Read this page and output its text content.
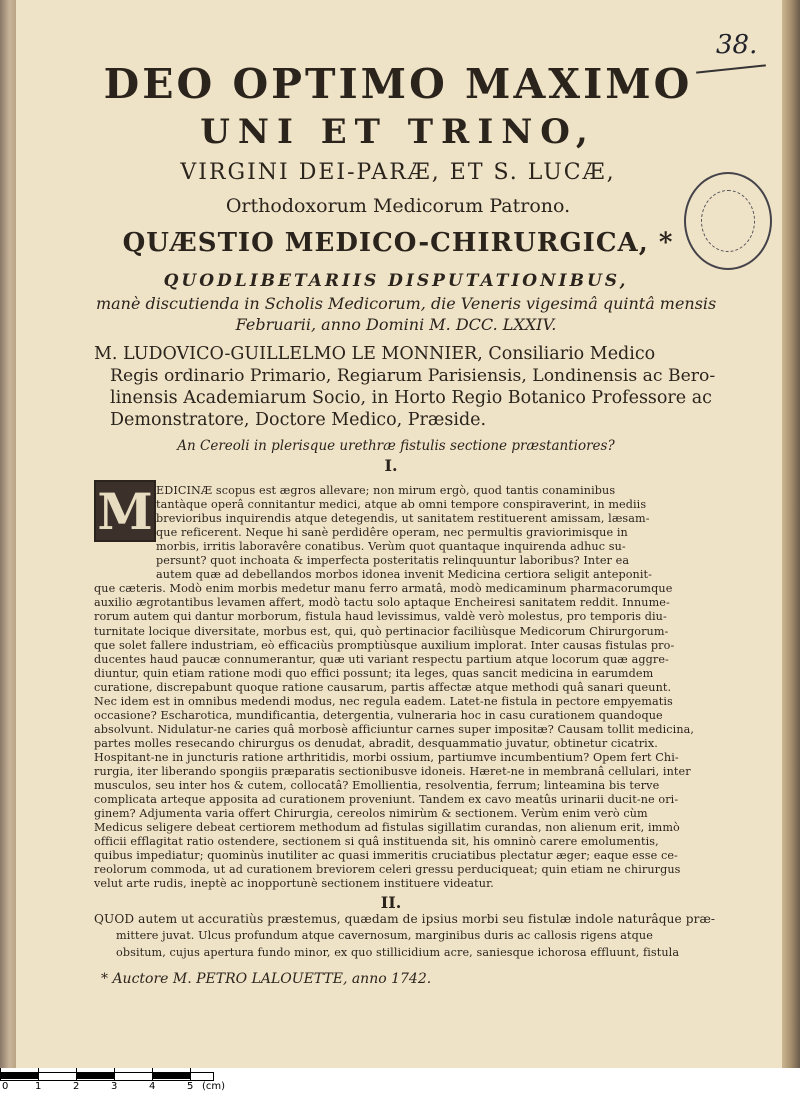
38.
DEO OPTIMO MAXIMO
UNI ET TRINO,
VIRGINI DEI-PARÆ, ET S. LUCÆ,
Orthodoxorum Medicorum Patrono.
QUÆSTIO MEDICO-CHIRURGICA, *
QUODLIBETARIIS DISPUTATIONIBUS,
manè discutienda in Scholis Medicorum, die Veneris vigesimâ quintâ mensis
Februarii, anno Domini M. DCC. LXXIV.
M. LUDOVICO-GUILLELMO LE MONNIER, Consiliario Medico
Regis ordinario Primario, Regiarum Parisiensis, Londinensis ac Bero-
linensis Academiarum Socio, in Horto Regio Botanico Professore ac
Demonstratore, Doctore Medico, Præside.
An Cereoli in plerisque urethræ fistulis sectione præstantiores?
I.
M EDICINÆ scopus est ægros allevare; non mirum ergò, quod tantis conaminibus
tantàque operâ connitantur medici, atque ab omni tempore conspiraverint, in mediis
brevioribus inquirendis atque detegendis, ut sanitatem restituerent amissam, læsam-
que reficerent. Neque hi sanè perdidêre operam, nec permultis graviorimisque in
morbis, irritis laboravêre conatibus. Verùm quot quantaque inquirenda adhuc su-
persunt? quot inchoata & imperfecta posteritatis relinquuntur laboribus? Inter ea
autem quæ ad debellandos morbos idonea invenit Medicina certiora seligit anteponit-
que cæteris. Modò enim morbis medetur manu ferro armatâ, modò medicaminum pharmacorumque
auxilio ægrotantibus levamen affert, modò tactu solo aptaque Encheiresi sanitatem reddit. Innume-
rorum autem qui dantur morborum, fistula haud levissimus, valdè verò molestus, pro temporis diu-
turnitate locique diversitate, morbus est, qui, quò pertinacior faciliùsque Medicorum Chirurgorum-
que solet fallere industriam, eò efficaciùs promptiùsque auxilium implorat. Inter causas fistulas pro-
ducentes haud paucæ connumerantur, quæ uti variant respectu partium atque locorum quæ aggre-
diuntur, quin etiam ratione modi quo effici possunt; ita leges, quas sancit medicina in earumdem
curatione, discrepabunt quoque ratione causarum, partis affectæ atque methodi quâ sanari queunt.
Nec idem est in omnibus medendi modus, nec regula eadem. Latet-ne fistula in pectore empyematis
occasione? Escharotica, mundificantia, detergentia, vulneraria hoc in casu curationem quandoque
absolvunt. Nidulatur-ne caries quâ morbosè afficiuntur carnes super impositæ? Causam tollit medicina,
partes molles resecando chirurgus os denudat, abradit, desquammatio juvatur, obtinetur cicatrix.
Hospitant-ne in juncturis ratione arthritidis, morbi ossium, partiumve incumbentium? Opem fert Chi-
rurgia, iter liberando spongiis præparatis sectionibusve idoneis. Hæret-ne in membranâ cellulari, inter
musculos, seu inter hos & cutem, collocatâ? Emollientia, resolventia, ferrum; linteamina bis terve
complicata arteque apposita ad curationem proveniunt. Tandem ex cavo meatûs urinarii ducit-ne ori-
ginem? Adjumenta varia offert Chirurgia, cereolos nimirùm & sectionem. Verùm enim verò cùm
Medicus seligere debeat certiorem methodum ad fistulas sigillatim curandas, non alienum erit, immò
officii efflagitat ratio ostendere, sectionem si quâ instituenda sit, his omninò carere emolumentis,
quibus impediatur; quominùs inutiliter ac quasi immeritis cruciatibus plectatur æger; eaque esse ce-
reolorum commoda, ut ad curationem breviorem celeri gressu perduciqueat; quin etiam ne chirurgus
velut arte rudis, ineptè ac inopportunè sectionem instituere videatur.
II.
QUOD autem ut accuratiùs præstemus, quædam de ipsius morbi seu fistulæ indole naturâque præ-
mittere juvat. Ulcus profundum atque cavernosum, marginibus duris ac callosis rigens atque
obsitum, cujus apertura fundo minor, ex quo stillicidium acre, saniesque ichorosa effluunt, fistula
* Auctore M. PETRO LALOUETTE, anno 1742.
0	1	2	3	4	5 (cm)
